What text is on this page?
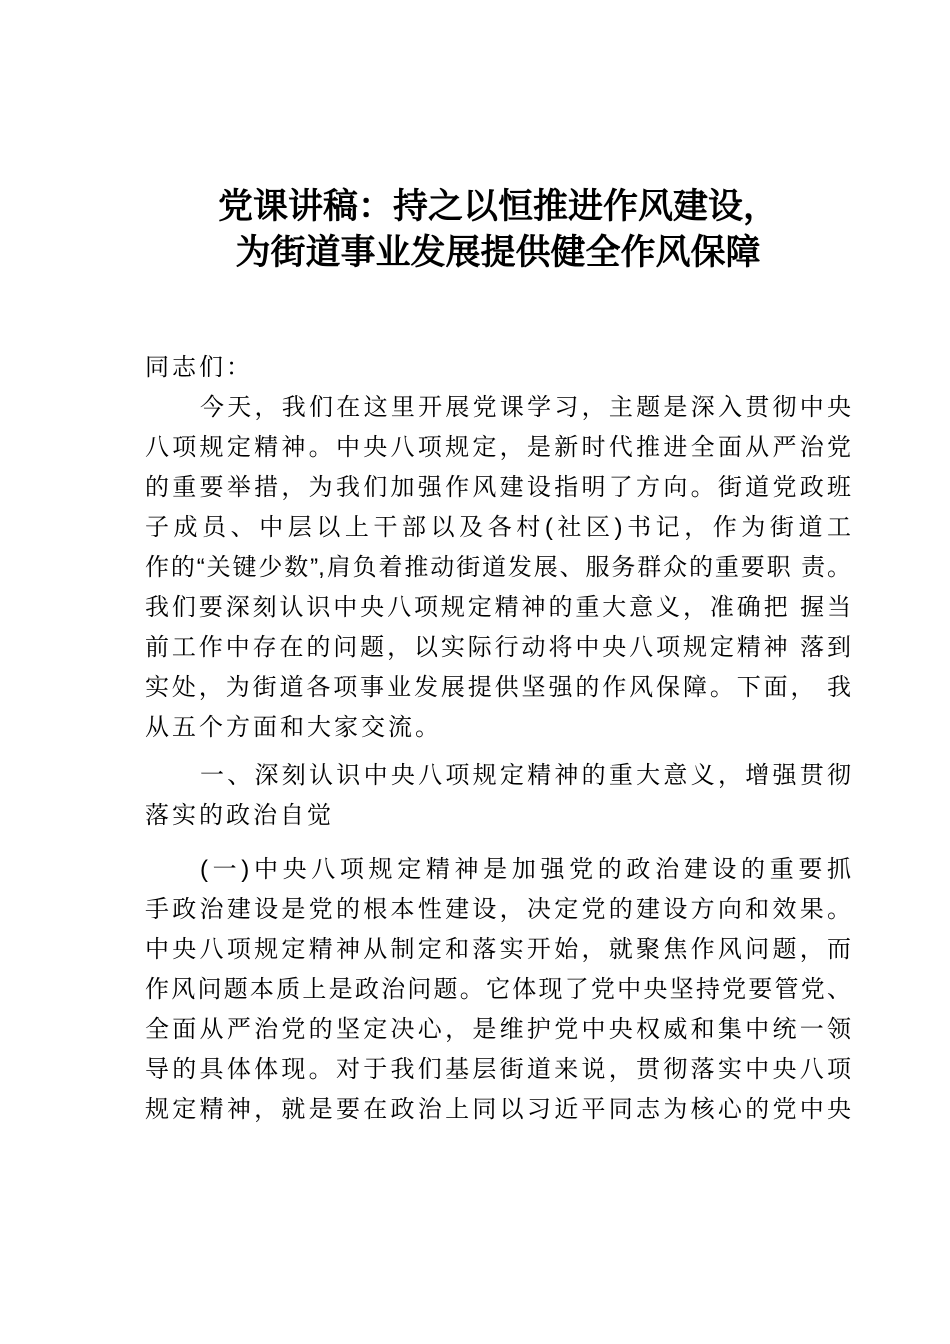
党课讲稿：持之以恒推进作风建设，
为街道事业发展提供健全作风保障

同志们：

今天，我们在这里开展党课学习，主题是深入贯彻中央

八项规定精神。中央八项规定，是新时代推进全面从严治党

的重要举措，为我们加强作风建设指明了方向。街道党政班

子成员、中层以上干部以及各村(社区)书记，作为街道工

作的“关键少数”,肩负着推动街道发展、服务群众的重要职 责。

我们要深刻认识中央八项规定精神的重大意义，准确把 握当

前工作中存在的问题，以实际行动将中央八项规定精神 落到

实处，为街道各项事业发展提供坚强的作风保障。下面， 我

从五个方面和大家交流。

一、深刻认识中央八项规定精神的重大意义，增强贯彻

落实的政治自觉

(一)中央八项规定精神是加强党的政治建设的重要抓

手政治建设是党的根本性建设，决定党的建设方向和效果。

中央八项规定精神从制定和落实开始，就聚焦作风问题，而

作风问题本质上是政治问题。它体现了党中央坚持党要管党、

全面从严治党的坚定决心，是维护党中央权威和集中统一领

导的具体体现。对于我们基层街道来说，贯彻落实中央八项

规定精神，就是要在政治上同以习近平同志为核心的党中央
